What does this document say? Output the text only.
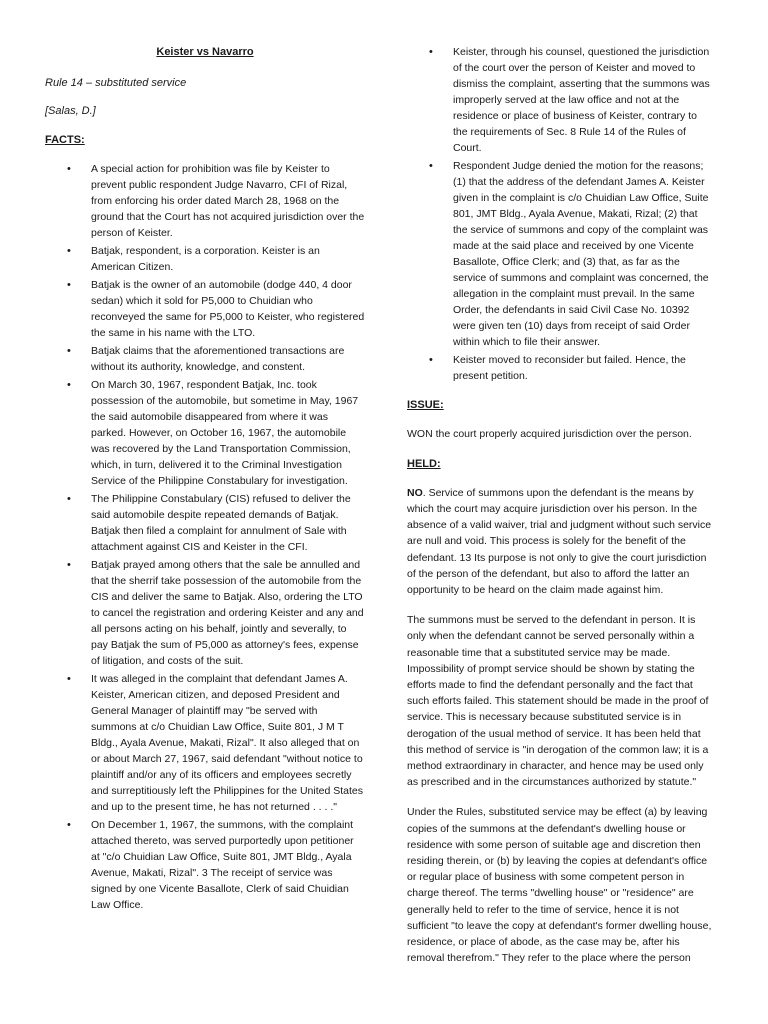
Keister vs Navarro

Rule 14 – substituted service

[Salas, D.]

FACTS:
• A special action for prohibition was file by Keister to prevent public respondent Judge Navarro, CFI of Rizal, from enforcing his order dated March 28, 1968 on the ground that the Court has not acquired jurisdiction over the person of Keister.
• Batjak, respondent, is a corporation. Keister is an American Citizen.
• Batjak is the owner of an automobile (dodge 440, 4 door sedan) which it sold for P5,000 to Chuidian who reconveyed the same for P5,000 to Keister, who registered the same in his name with the LTO.
• Batjak claims that the aforementioned transactions are without its authority, knowledge, and constent.
• On March 30, 1967, respondent Batjak, Inc. took possession of the automobile, but sometime in May, 1967 the said automobile disappeared from where it was parked. However, on October 16, 1967, the automobile was recovered by the Land Transportation Commission, which, in turn, delivered it to the Criminal Investigation Service of the Philippine Constabulary for investigation.
• The Philippine Constabulary (CIS) refused to deliver the said automobile despite repeated demands of Batjak. Batjak then filed a complaint for annulment of Sale with attachment against CIS and Keister in the CFI.
• Batjak prayed among others that the sale be annulled and that the sherrif take possession of the automobile from the CIS and deliver the same to Batjak. Also, ordering the LTO to cancel the registration and ordering Keister and any and all persons acting on his behalf, jointly and severally, to pay Batjak the sum of P5,000 as attorney's fees, expense of litigation, and costs of the suit.
• It was alleged in the complaint that defendant James A. Keister, American citizen, and deposed President and General Manager of plaintiff may "be served with summons at c/o Chuidian Law Office, Suite 801, J M T Bldg., Ayala Avenue, Makati, Rizal". It also alleged that on or about March 27, 1967, said defendant "without notice to plaintiff and/or any of its officers and employees secretly and surreptitiously left the Philippines for the United States and up to the present time, he has not returned . . . ."
• On December 1, 1967, the summons, with the complaint attached thereto, was served purportedly upon petitioner at "c/o Chuidian Law Office, Suite 801, JMT Bldg., Ayala Avenue, Makati, Rizal". 3 The receipt of service was signed by one Vicente Basallote, Clerk of said Chuidian Law Office.
• Keister, through his counsel, questioned the jurisdiction of the court over the person of Keister and moved to dismiss the complaint, asserting that the summons was improperly served at the law office and not at the residence or place of business of Keister, contrary to the requirements of Sec. 8 Rule 14 of the Rules of Court.
• Respondent Judge denied the motion for the reasons; (1) that the address of the defendant James A. Keister given in the complaint is c/o Chuidian Law Office, Suite 801, JMT Bldg., Ayala Avenue, Makati, Rizal; (2) that the service of summons and copy of the complaint was made at the said place and received by one Vicente Basallote, Office Clerk; and (3) that, as far as the service of summons and complaint was concerned, the allegation in the complaint must prevail. In the same Order, the defendants in said Civil Case No. 10392 were given ten (10) days from receipt of said Order within which to file their answer.
• Keister moved to reconsider but failed. Hence, the present petition.
ISSUE:

WON the court properly acquired jurisdiction over the person.

HELD:

NO. Service of summons upon the defendant is the means by which the court may acquire jurisdiction over his person. In the absence of a valid waiver, trial and judgment without such service are null and void. This process is solely for the benefit of the defendant. 13 Its purpose is not only to give the court jurisdiction of the person of the defendant, but also to afford the latter an opportunity to be heard on the claim made against him.

The summons must be served to the defendant in person. It is only when the defendant cannot be served personally within a reasonable time that a substituted service may be made. Impossibility of prompt service should be shown by stating the efforts made to find the defendant personally and the fact that such efforts failed. This statement should be made in the proof of service. This is necessary because substituted service is in derogation of the usual method of service. It has been held that this method of service is "in derogation of the common law; it is a method extraordinary in character, and hence may be used only as prescribed and in the circumstances authorized by statute."

Under the Rules, substituted service may be effect (a) by leaving copies of the summons at the defendant's dwelling house or residence with some person of suitable age and discretion then residing therein, or (b) by leaving the copies at defendant's office or regular place of business with some competent person in charge thereof. The terms "dwelling house" or "residence" are generally held to refer to the time of service, hence it is not sufficient "to leave the copy at defendant's former dwelling house, residence, or place of abode, as the case may be, after his removal therefrom." They refer to the place where the person
